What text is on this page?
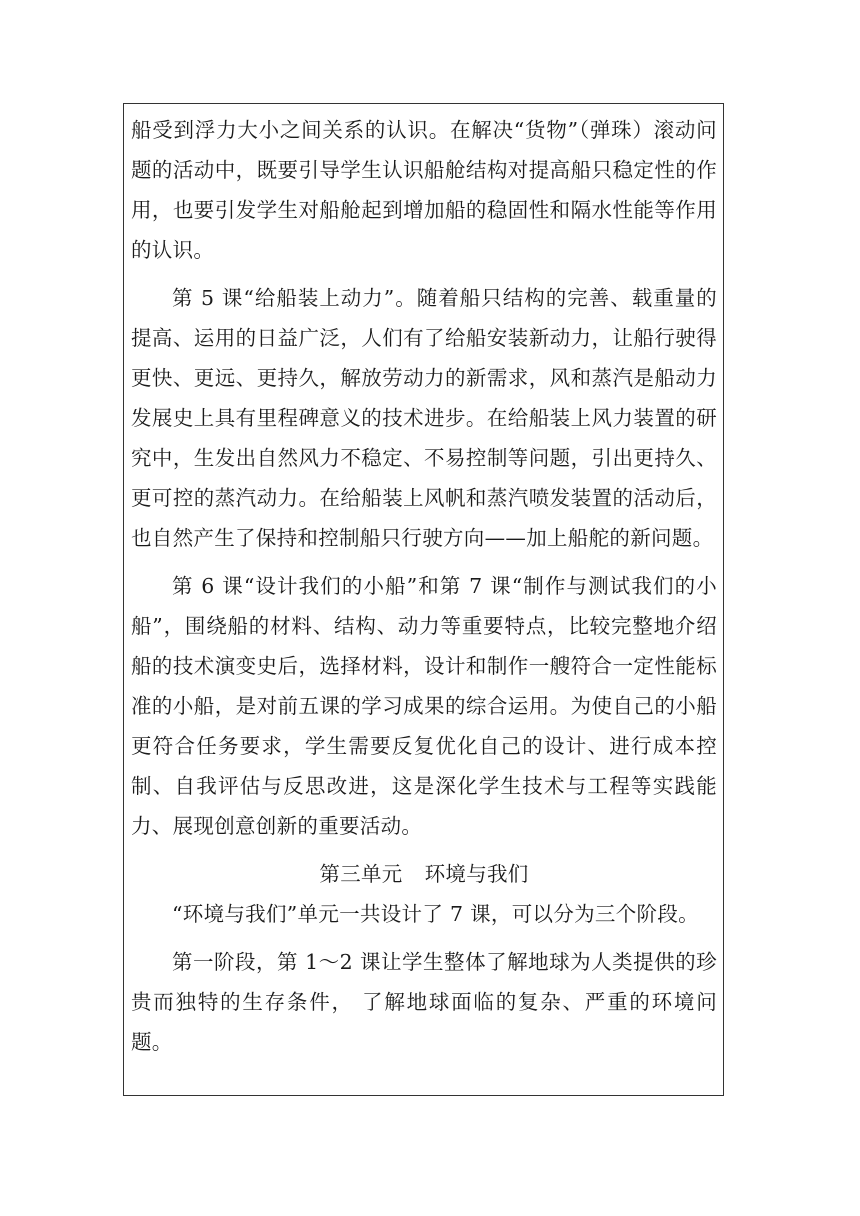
船受到浮力大小之间关系的认识。在解决“货物”（弹珠）滚动问题的活动中，既要引导学生认识船舱结构对提高船只稳定性的作用，也要引发学生对船舱起到增加船的稳固性和隔水性能等作用的认识。

第 5 课“给船装上动力”。随着船只结构的完善、载重量的提高、运用的日益广泛，人们有了给船安装新动力，让船行驶得更快、更远、更持久，解放劳动力的新需求，风和蒸汽是船动力发展史上具有里程碑意义的技术进步。在给船装上风力装置的研究中，生发出自然风力不稳定、不易控制等问题，引出更持久、更可控的蒸汽动力。在给船装上风帆和蒸汽喷发装置的活动后，也自然产生了保持和控制船只行驶方向——加上船舵的新问题。

第 6 课“设计我们的小船”和第 7 课“制作与测试我们的小船”，围绕船的材料、结构、动力等重要特点，比较完整地介绍船的技术演变史后，选择材料，设计和制作一艘符合一定性能标准的小船，是对前五课的学习成果的综合运用。为使自己的小船更符合任务要求，学生需要反复优化自己的设计、进行成本控制、自我评估与反思改进，这是深化学生技术与工程等实践能力、展现创意创新的重要活动。

第三单元 环境与我们

“环境与我们”单元一共设计了 7 课，可以分为三个阶段。

第一阶段，第 1～2 课让学生整体了解地球为人类提供的珍贵而独特的生存条件， 了解地球面临的复杂、严重的环境问题。
